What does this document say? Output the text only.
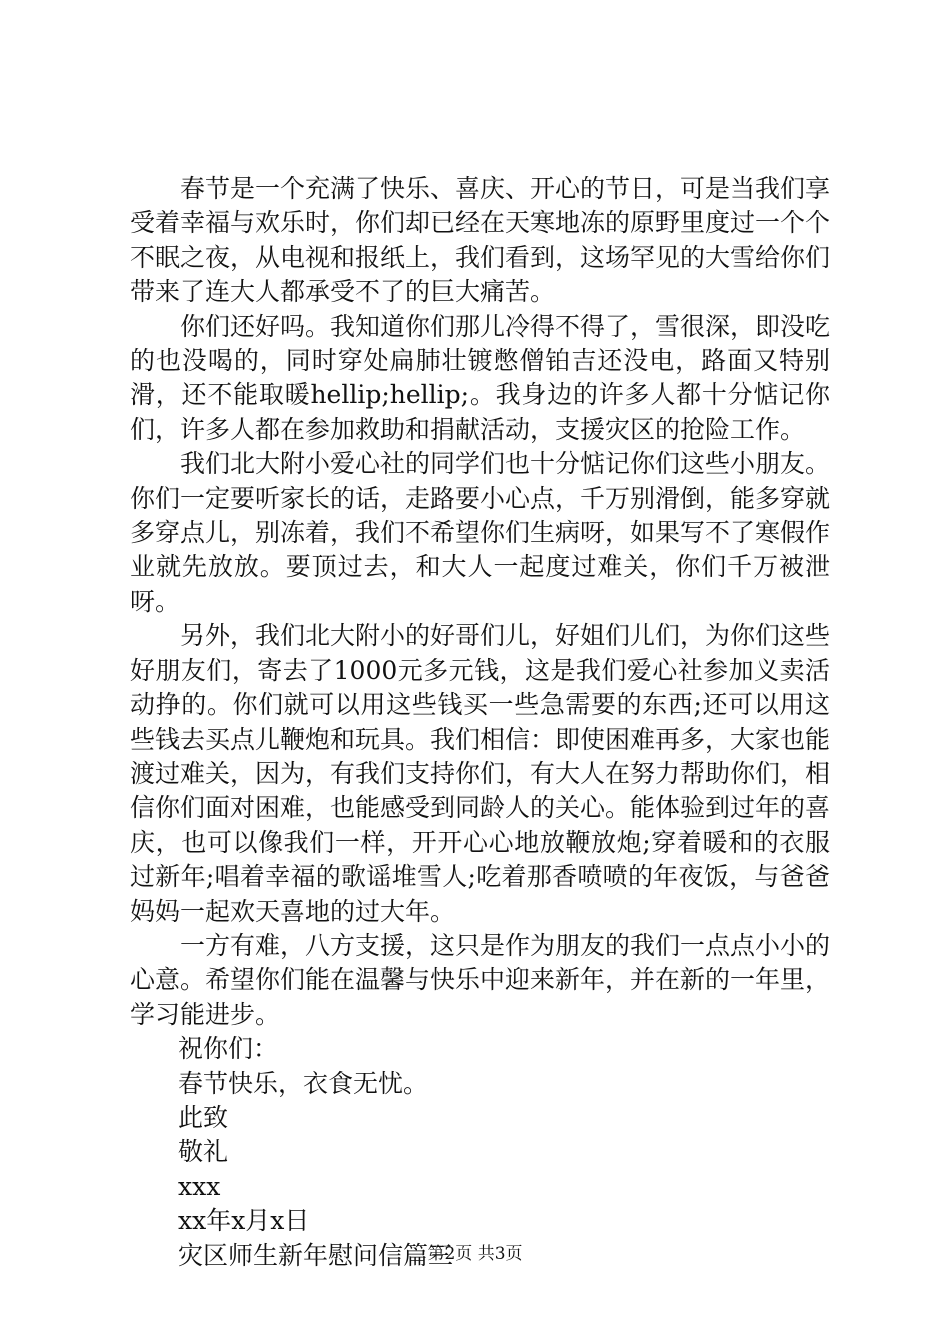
春节是一个充满了快乐、喜庆、开心的节日，可是当我们享受着幸福与欢乐时，你们却已经在天寒地冻的原野里度过一个个不眠之夜，从电视和报纸上，我们看到，这场罕见的大雪给你们带来了连大人都承受不了的巨大痛苦。

你们还好吗。我知道你们那儿冷得不得了，雪很深，即没吃的也没喝的，同时穿处扁肺壮镀憋僧铂吉还没电，路面又特别滑，还不能取暖hellip;hellip;。我身边的许多人都十分惦记你们，许多人都在参加救助和捐献活动，支援灾区的抢险工作。

我们北大附小爱心社的同学们也十分惦记你们这些小朋友。你们一定要听家长的话，走路要小心点，千万别滑倒，能多穿就多穿点儿，别冻着，我们不希望你们生病呀，如果写不了寒假作业就先放放。要顶过去，和大人一起度过难关，你们千万被泄呀。

另外，我们北大附小的好哥们儿，好姐们儿们，为你们这些好朋友们，寄去了1000元多元钱，这是我们爱心社参加义卖活动挣的。你们就可以用这些钱买一些急需要的东西;还可以用这些钱去买点儿鞭炮和玩具。我们相信：即使困难再多，大家也能渡过难关，因为，有我们支持你们，有大人在努力帮助你们，相信你们面对困难，也能感受到同龄人的关心。能体验到过年的喜庆，也可以像我们一样，开开心心地放鞭放炮;穿着暖和的衣服过新年;唱着幸福的歌谣堆雪人;吃着那香喷喷的年夜饭，与爸爸妈妈一起欢天喜地的过大年。

一方有难，八方支援，这只是作为朋友的我们一点点小小的心意。希望你们能在温馨与快乐中迎来新年，并在新的一年里，学习能进步。

祝你们：

春节快乐，衣食无忧。

此致

敬礼

xxx

xx年x月x日

灾区师生新年慰问信篇三

第2页 共3页
